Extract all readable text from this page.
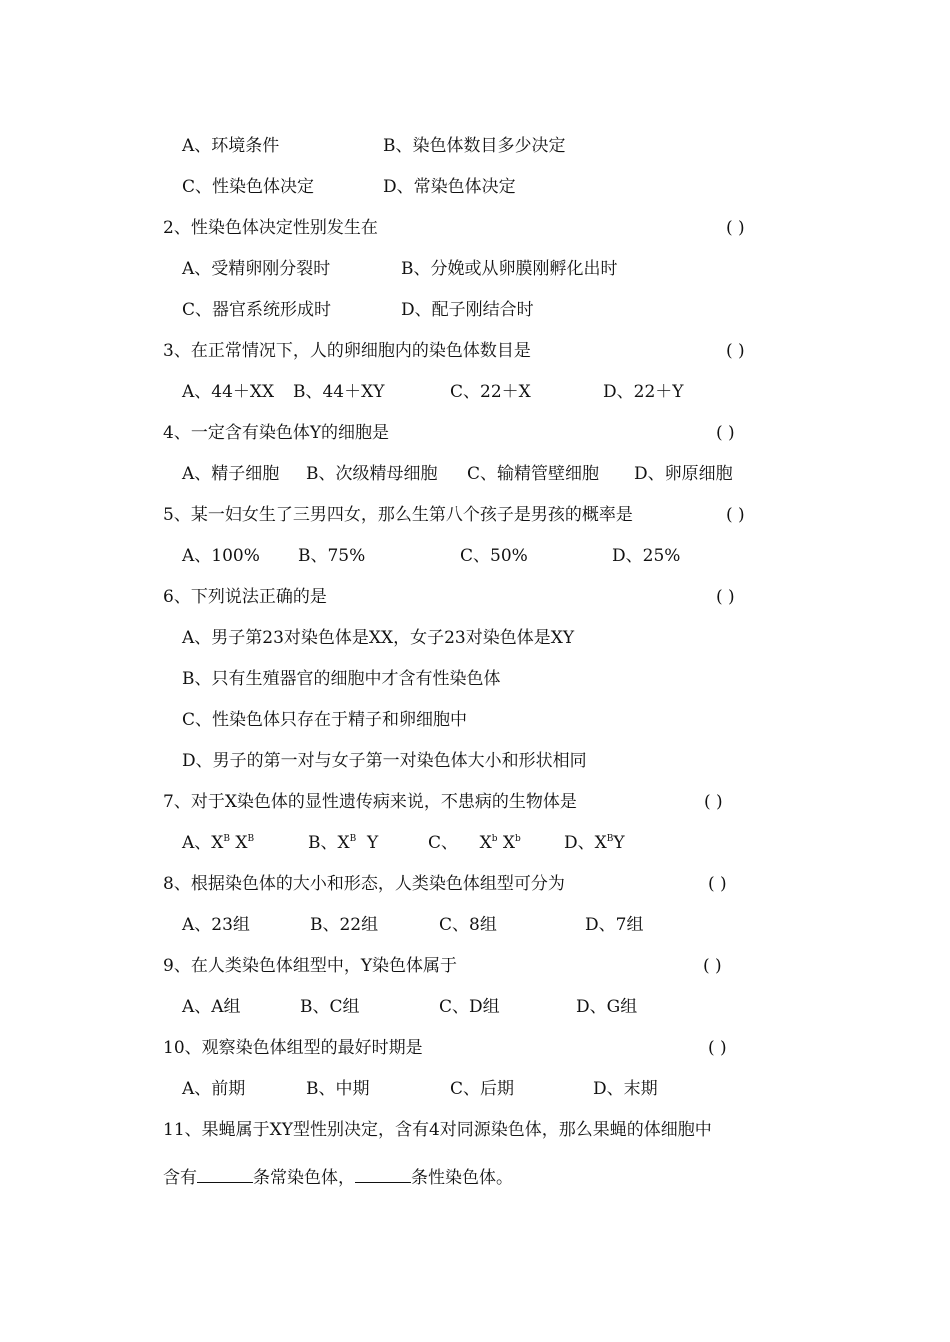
A、环境条件	B、染色体数目多少决定
C、性染色体决定	D、常染色体决定
2、性染色体决定性别发生在	( )
A、受精卵刚分裂时	B、分娩或从卵膜刚孵化出时
C、器官系统形成时	D、配子刚结合时
3、在正常情况下，人的卵细胞内的染色体数目是	( )
A、44＋XX B、44＋XY	C、22＋X	D、22＋Y
4、一定含有染色体Y的细胞是	( )
A、精子细胞 B、次级精母细胞 C、输精管壁细胞 D、卵原细胞
5、某一妇女生了三男四女，那么生第八个孩子是男孩的概率是	( )
A、100% B、75%	C、50%	D、25%
6、下列说法正确的是	( )
A、男子第23对染色体是XX，女子23对染色体是XY
B、只有生殖器官的细胞中才含有性染色体
C、性染色体只存在于精子和卵细胞中
D、男子的第一对与女子第一对染色体大小和形状相同
7、对于X染色体的显性遗传病来说，不患病的生物体是	( )
A、$X^B$ $X^B$	B、$X^B$ Y	C、 $X^b$ $X^b$	D、$X^BY$
8、根据染色体的大小和形态，人类染色体组型可分为	( )
A、23组	B、22组	C、8组	D、7组
9、在人类染色体组型中，Y染色体属于	( )
A、A组	B、C组	C、D组	D、G组
10、观察染色体组型的最好时期是	( )
A、前期	B、中期	C、后期	D、末期
11、果蝇属于XY型性别决定，含有4对同源染色体，那么果蝇的体细胞中
含有	条常染色体，	条性染色体。
